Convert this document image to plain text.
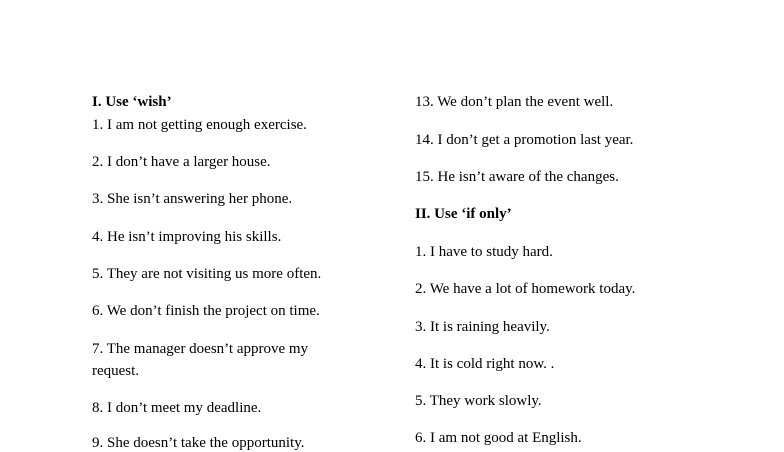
I. Use ‘wish’
1. I am not getting enough exercise.
2. I don’t have a larger house.
3. She isn’t answering her phone.
4. He isn’t improving his skills.
5. They are not visiting us more often.
6. We don’t finish the project on time.
7. The manager doesn’t approve my request.
8. I don’t meet my deadline.
9. She doesn’t take the opportunity.
13. We don’t plan the event well.
14. I don’t get a promotion last year.
15. He isn’t aware of the changes.
II. Use ‘if only’
1. I have to study hard.
2. We have a lot of homework today.
3. It is raining heavily.
4. It is cold right now. .
5. They work slowly.
6. I am not good at English.
